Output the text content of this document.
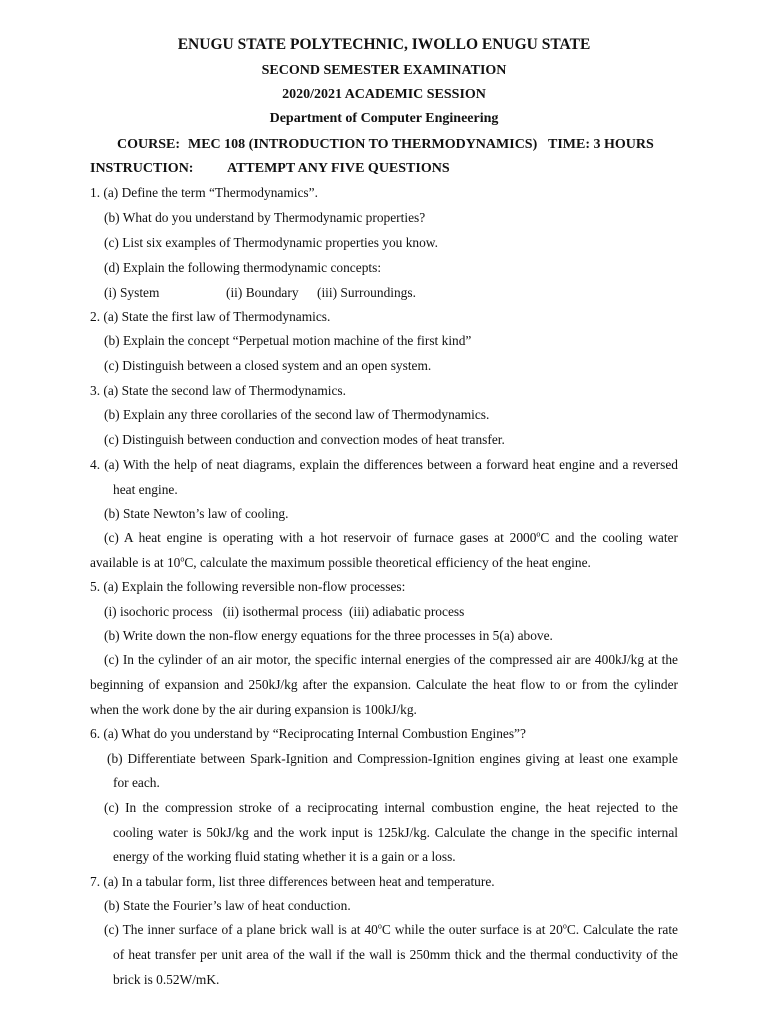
ENUGU STATE POLYTECHNIC, IWOLLO ENUGU STATE
SECOND SEMESTER EXAMINATION
2020/2021 ACADEMIC SESSION
Department of Computer Engineering
COURSE: MEC 108 (INTRODUCTION TO THERMODYNAMICS) TIME: 3 HOURS
INSTRUCTION: ATTEMPT ANY FIVE QUESTIONS
1. (a) Define the term “Thermodynamics”.
(b) What do you understand by Thermodynamic properties?
(c) List six examples of Thermodynamic properties you know.
(d) Explain the following thermodynamic concepts:
(i) System	(ii) Boundary (iii) Surroundings.
2. (a) State the first law of Thermodynamics.
(b) Explain the concept “Perpetual motion machine of the first kind”
(c) Distinguish between a closed system and an open system.
3. (a) State the second law of Thermodynamics.
(b) Explain any three corollaries of the second law of Thermodynamics.
(c) Distinguish between conduction and convection modes of heat transfer.
4. (a) With the help of neat diagrams, explain the differences between a forward heat engine and a reversed
heat engine.
(b) State Newton’s law of cooling.
(c) A heat engine is operating with a hot reservoir of furnace gases at 2000$^o$C and the cooling water
available is at 10$^o$C, calculate the maximum possible theoretical efficiency of the heat engine.
5. (a) Explain the following reversible non-flow processes:
(i) isochoric process   (ii) isothermal process  (iii) adiabatic process
(b) Write down the non-flow energy equations for the three processes in 5(a) above.
(c) In the cylinder of an air motor, the specific internal energies of the compressed air are 400kJ/kg at the
beginning of expansion and 250kJ/kg after the expansion. Calculate the heat flow to or from the cylinder
when the work done by the air during expansion is 100kJ/kg.
6. (a) What do you understand by “Reciprocating Internal Combustion Engines”?
(b) Differentiate between Spark-Ignition and Compression-Ignition engines giving at least one example
for each.
(c) In the compression stroke of a reciprocating internal combustion engine, the heat rejected to the
cooling water is 50kJ/kg and the work input is 125kJ/kg. Calculate the change in the specific internal
energy of the working fluid stating whether it is a gain or a loss.
7. (a) In a tabular form, list three differences between heat and temperature.
(b) State the Fourier’s law of heat conduction.
(c) The inner surface of a plane brick wall is at 40$^o$C while the outer surface is at 20$^o$C. Calculate the rate
of heat transfer per unit area of the wall if the wall is 250mm thick and the thermal conductivity of the
brick is 0.52W/mK.
